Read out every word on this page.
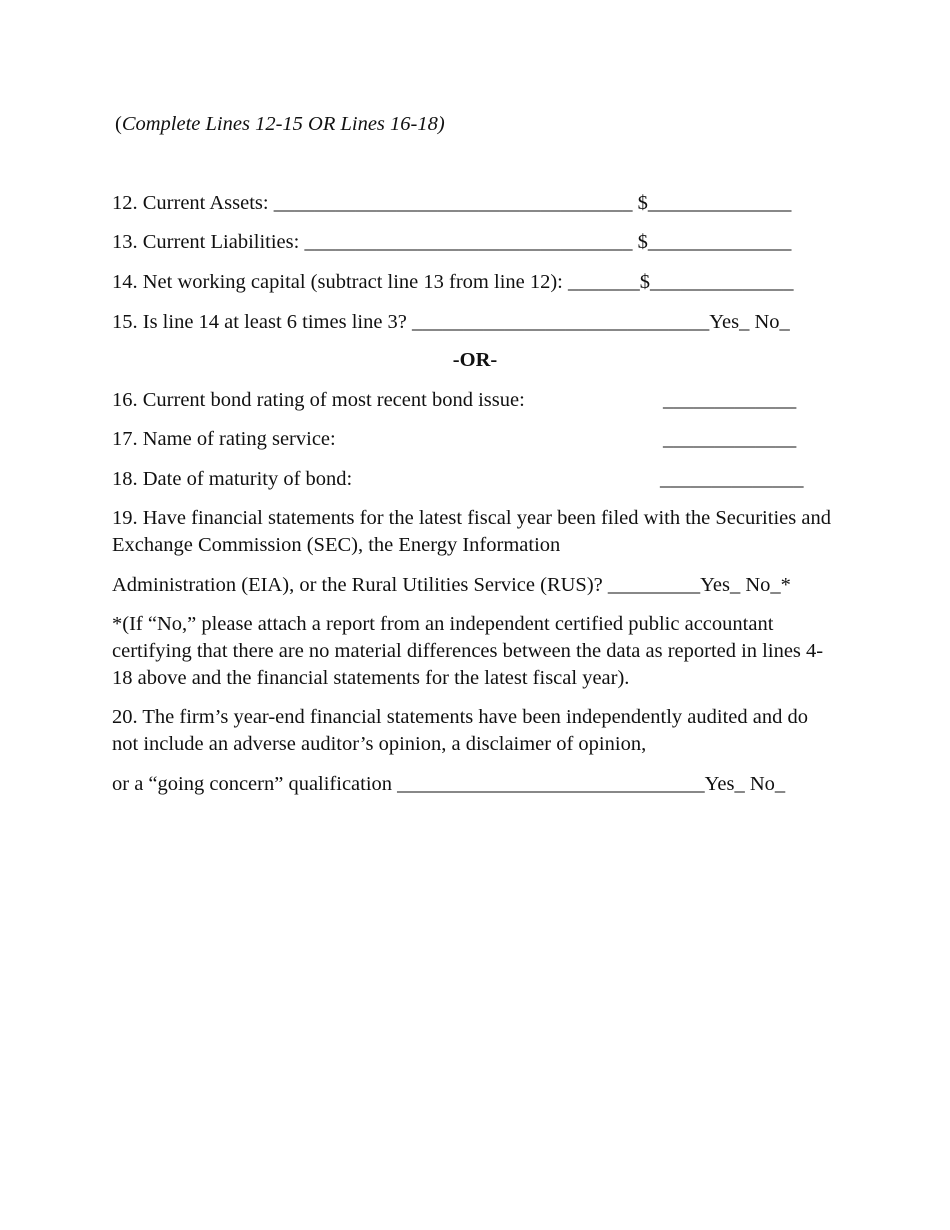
(Complete Lines 12-15 OR Lines 16-18)
12. Current Assets: ___________________________________ $______________
13. Current Liabilities: ________________________________ $______________
14. Net working capital (subtract line 13 from line 12): _______$______________
15. Is line 14 at least 6 times line 3? _____________________________Yes_ No_
-OR-
16. Current bond rating of most recent bond issue:	_____________
17. Name of rating service:	_____________
18. Date of maturity of bond:	______________
19. Have financial statements for the latest fiscal year been filed with the Securities and Exchange Commission (SEC), the Energy Information
Administration (EIA), or the Rural Utilities Service (RUS)? _________Yes_ No_*
*(If “No,” please attach a report from an independent certified public accountant certifying that there are no material differences between the data as reported in lines 4-18 above and the financial statements for the latest fiscal year).
20. The firm’s year-end financial statements have been independently audited and do not include an adverse auditor’s opinion, a disclaimer of opinion,
or a “going concern” qualification ______________________________Yes_ No_
